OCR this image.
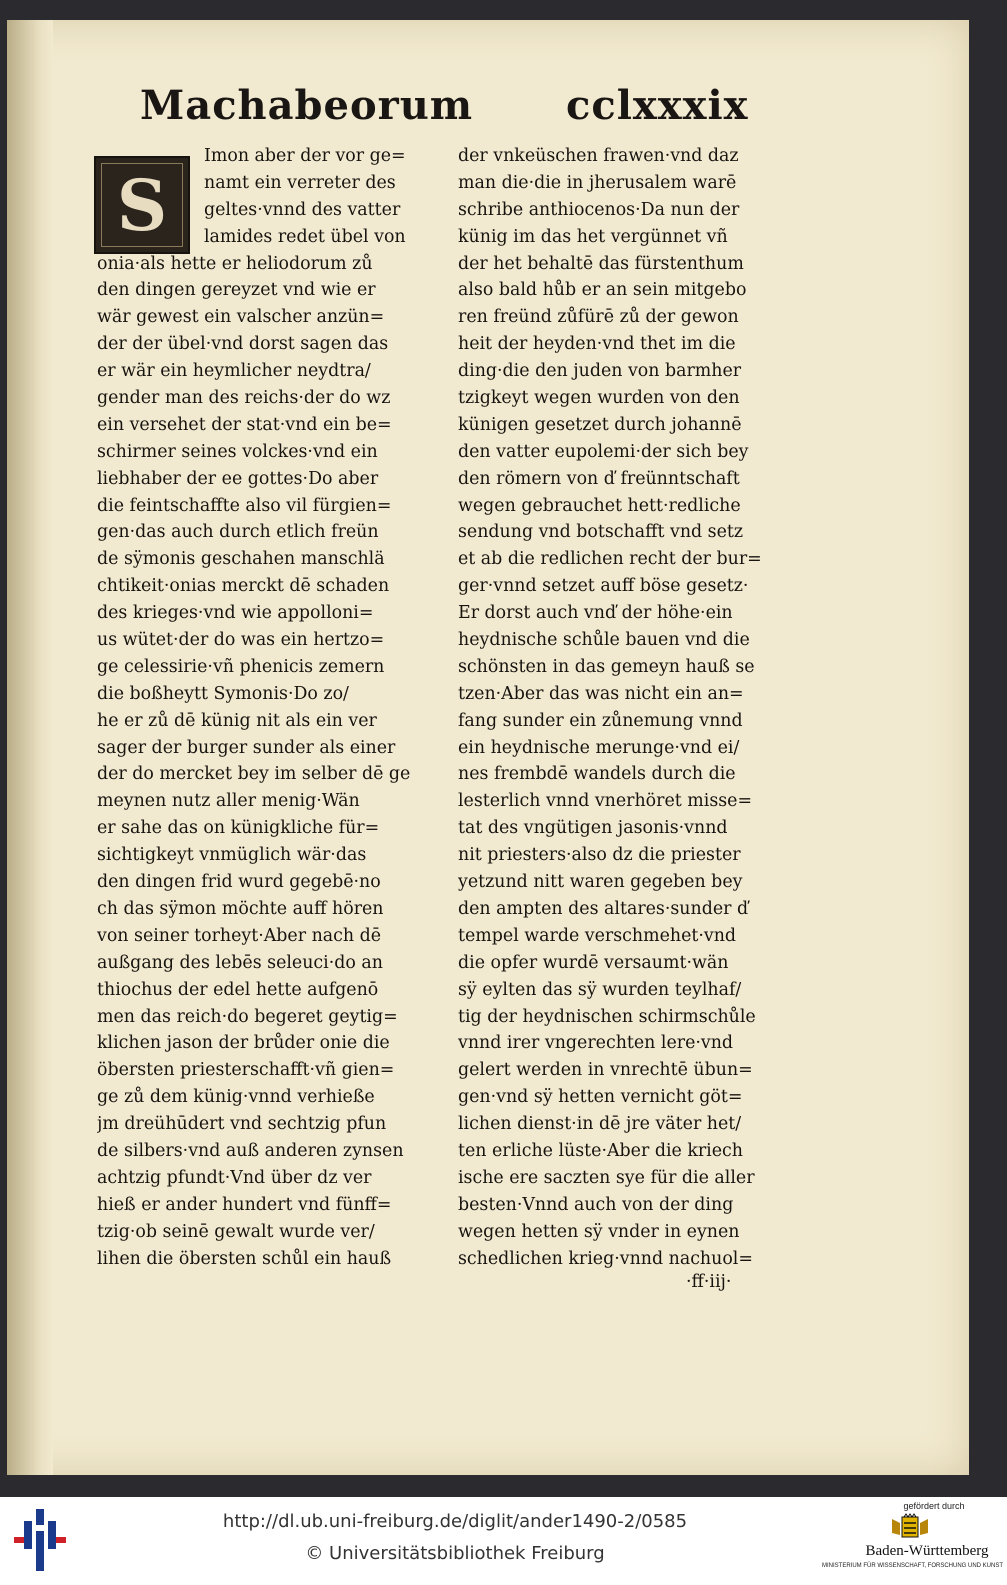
Machabeorum cclxxxix
S
Imon aber der vor ge=
namt ein verreter des
geltes·vnnd des vatter
lamides redet übel von
onia·als hette er heliodorum zů
den dingen gereyzet vnd wie er
wär gewest ein valscher anzün=
der der übel·vnd dorst sagen das
er wär ein heymlicher neydtra/
gender man des reichs·der do wz
ein versehet der stat·vnd ein be=
schirmer seines volckes·vnd ein
liebhaber der ee gottes·Do aber
die feintschaffte also vil fürgien=
gen·das auch durch etlich freün
de sÿmonis geschahen manschlä
chtikeit·onias merckt dē schaden
des krieges·vnd wie appolloni=
us wütet·der do was ein hertzo=
ge celessirie·vñ phenicis zemern
die boßheytt Symonis·Do zo/
he er zů dē künig nit als ein ver
sager der burger sunder als einer
der do mercket bey im selber dē ge
meynen nutz aller menig·Wän
er sahe das on künigkliche für=
sichtigkeyt vnmüglich wär·das
den dingen frid wurd gegebē·no
ch das sÿmon möchte auff hören
von seiner torheyt·Aber nach dē
außgang des lebēs seleuci·do an
thiochus der edel hette aufgenō
men das reich·do begeret geytig=
klichen jason der brůder onie die
öbersten priesterschafft·vñ gien=
ge zů dem künig·vnnd verhieße
jm dreühūdert vnd sechtzig pfun
de silbers·vnd auß anderen zynsen
achtzig pfundt·Vnd über dz ver
hieß er ander hundert vnd fünff=
tzig·ob seinē gewalt wurde ver/
lihen die öbersten schůl ein hauß
der vnkeüschen frawen·vnd daz
man die·die in jherusalem warē
schribe anthiocenos·Da nun der
künig im das het vergünnet vñ
der het behaltē das fürstenthum
also bald hůb er an sein mitgebo
ren freünd zůfürē zů der gewon
heit der heyden·vnd thet im die
ding·die den juden von barmher
tzigkeyt wegen wurden von den
künigen gesetzet durch johannē
den vatter eupolemi·der sich bey
den römern von ď freünntschaft
wegen gebrauchet hett·redliche
sendung vnd botschafft vnd setz
et ab die redlichen recht der bur=
ger·vnnd setzet auff böse gesetz·
Er dorst auch vnď der höhe·ein
heydnische schůle bauen vnd die
schönsten in das gemeyn hauß se
tzen·Aber das was nicht ein an=
fang sunder ein zůnemung vnnd
ein heydnische merunge·vnd ei/
nes frembdē wandels durch die
lesterlich vnnd vnerhöret misse=
tat des vngütigen jasonis·vnnd
nit priesters·also dz die priester
yetzund nitt waren gegeben bey
den ampten des altares·sunder ď
tempel warde verschmehet·vnd
die opfer wurdē versaumt·wän
sÿ eylten das sÿ wurden teylhaf/
tig der heydnischen schirmschůle
vnnd irer vngerechten lere·vnd
gelert werden in vnrechtē übun=
gen·vnd sÿ hetten vernicht göt=
lichen dienst·in dē jre väter het/
ten erliche lüste·Aber die kriech
ische ere saczten sye für die aller
besten·Vnnd auch von der ding
wegen hetten sÿ vnder in eynen
schedlichen krieg·vnnd nachuol=
·ff·iij·
http://dl.ub.uni-freiburg.de/diglit/ander1490-2/0585
© Universitätsbibliothek Freiburg
gefördert durch
Baden-Württemberg
MINISTERIUM FÜR WISSENSCHAFT, FORSCHUNG UND KUNST
